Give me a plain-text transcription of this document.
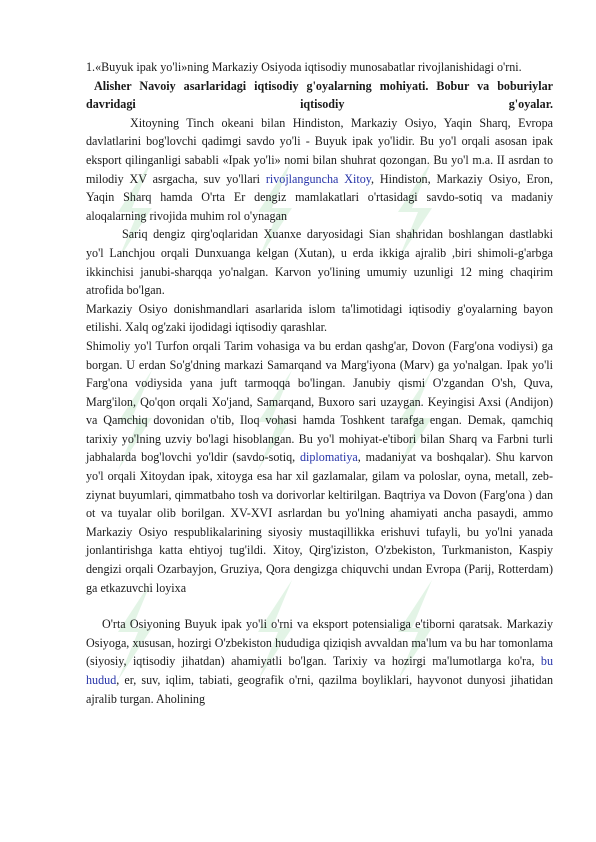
1.«Buyuk ipak yo'li»ning Markaziy Osiyoda iqtisodiy munosabatlar rivojlanishidagi o'rni.

Alisher Navoiy asarlaridagi iqtisodiy g'oyalarning mohiyati. Bobur va boburiylar davridagi iqtisodiy g'oyalar.

Xitoyning Tinch okeani bilan Hindiston, Markaziy Osiyo, Yaqin Sharq, Evropa davlatlarini bog'lovchi qadimgi savdo yo'li - Buyuk ipak yo'lidir. Bu yo'l orqali asosan ipak eksport qilinganligi sababli «Ipak yo'li» nomi bilan shuhrat qozongan. Bu yo'l m.a. II asrdan to milodiy XV asrgacha, suv yo'llari rivojlanguncha Xitoy, Hindiston, Markaziy Osiyo, Eron, Yaqin Sharq hamda O'rta Er dengiz mamlakatlari o'rtasidagi savdo-sotiq va madaniy aloqalarning rivojida muhim rol o'ynagan

Sariq dengiz qirg'oqlaridan Xuanxe daryosidagi Sian shahridan boshlangan dastlabki yo'l Lanchjou orqali Dunxuanga kelgan (Xutan), u erda ikkiga ajralib ,biri shimoli-g'arbga ikkinchisi janubi-sharqqa yo'nalgan. Karvon yo'lining umumiy uzunligi 12 ming chaqirim atrofida bo'lgan.

Markaziy Osiyo donishmandlari asarlarida islom ta'limotidagi iqtisodiy g'oyalarning bayon etilishi. Xalq og'zaki ijodidagi iqtisodiy qarashlar.

Shimoliy yo'l Turfon orqali Tarim vohasiga va bu erdan qashg'ar, Dovon (Farg'ona vodiysi) ga borgan. U erdan So'g'dning markazi Samarqand va Marg'iyona (Marv) ga yo'nalgan. Ipak yo'li Farg'ona vodiysida yana juft tarmoqqa bo'lingan. Janubiy qismi O'zgandan O'sh, Quva, Marg'ilon, Qo'qon orqali Xo'jand, Samarqand, Buxoro sari uzaygan. Keyingisi Axsi (Andijon) va Qamchiq dovonidan o'tib, Iloq vohasi hamda Toshkent tarafga engan. Demak, qamchiq tarixiy yo'lning uzviy bo'lagi hisoblangan. Bu yo'l mohiyat-e'tibori bilan Sharq va Farbni turli jabhalarda bog'lovchi yo'ldir (savdo-sotiq, diplomatiya, madaniyat va boshqalar). Shu karvon yo'l orqali Xitoydan ipak, xitoyga esa har xil gazlamalar, gilam va poloslar, oyna, metall, zeb-ziynat buyumlari, qimmatbaho tosh va dorivorlar keltirilgan. Baqtriya va Dovon (Farg'ona ) dan ot va tuyalar olib borilgan. XV-XVI asrlardan bu yo'lning ahamiyati ancha pasaydi, ammo Markaziy Osiyo respublikalarining siyosiy mustaqillikka erishuvi tufayli, bu yo'lni yanada jonlantirishga katta ehtiyoj tug'ildi. Xitoy, Qirg'iziston, O'zbekiston, Turkmaniston, Kaspiy dengizi orqali Ozarbayjon, Gruziya, Qora dengizga chiquvchi undan Evropa (Parij, Rotterdam) ga etkazuvchi loyixa

O'rta Osiyoning Buyuk ipak yo'li o'rni va eksport potensialiga e'tiborni qaratsak. Markaziy Osiyoga, xususan, hozirgi O'zbekiston hududiga qiziqish avvaldan ma'lum va bu har tomonlama (siyosiy, iqtisodiy jihatdan) ahamiyatli bo'lgan. Tarixiy va hozirgi ma'lumotlarga ko'ra, bu hudud, er, suv, iqlim, tabiati, geografik o'rni, qazilma boyliklari, hayvonot dunyosi jihatidan ajralib turgan. Aholining
